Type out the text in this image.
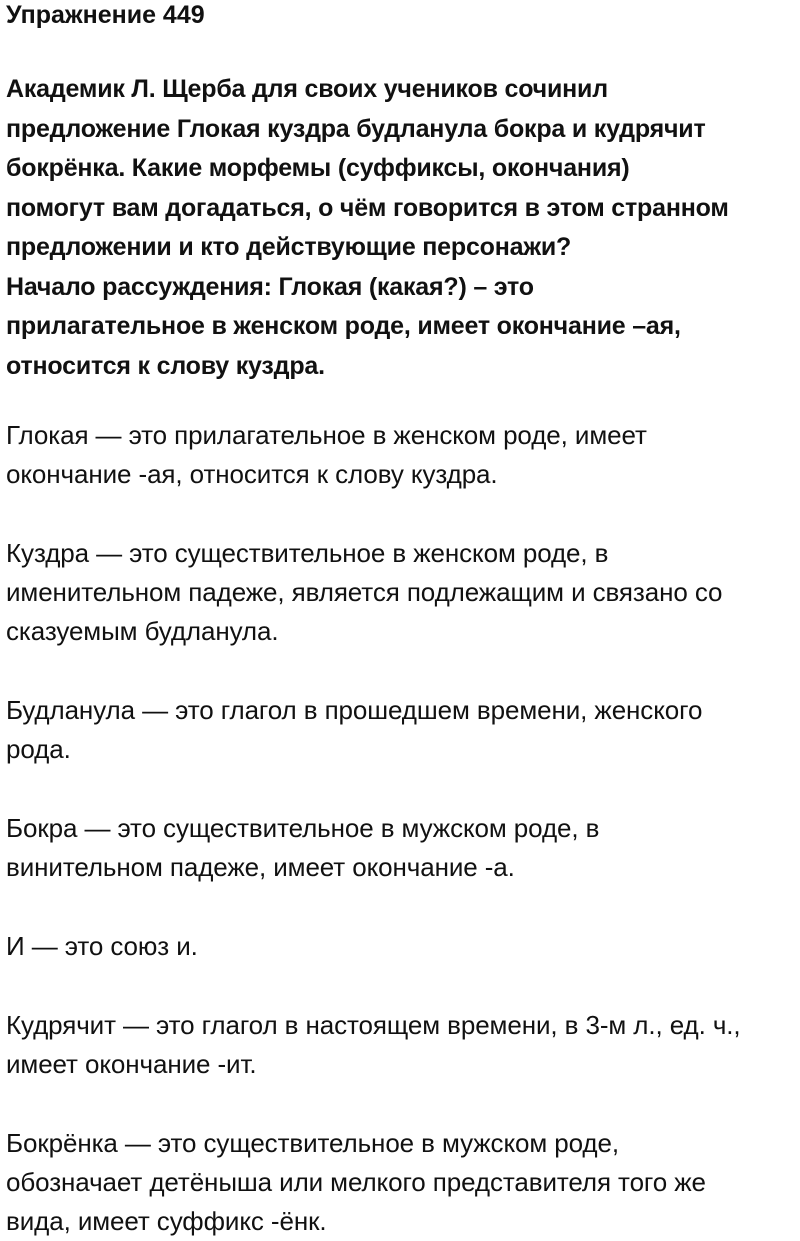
Упражнение 449

Академик Л. Щерба для своих учеников сочинил
предложение Глокая куздра будланула бокра и кудрячит
бокрёнка. Какие морфемы (суффиксы, окончания)
помогут вам догадаться, о чём говорится в этом странном
предложении и кто действующие персонажи?
Начало рассуждения: Глокая (какая?) – это
прилагательное в женском роде, имеет окончание –ая,
относится к слову куздра.

Глокая — это прилагательное в женском роде, имеет
окончание -ая, относится к слову куздра.

Куздра — это существительное в женском роде, в
именительном падеже, является подлежащим и связано со
сказуемым будланула.

Будланула — это глагол в прошедшем времени, женского
рода.

Бокра — это существительное в мужском роде, в
винительном падеже, имеет окончание -а.

И — это союз и.

Кудрячит — это глагол в настоящем времени, в 3-м л., ед. ч.,
имеет окончание -ит.

Бокрёнка — это существительное в мужском роде,
обозначает детёныша или мелкого представителя того же
вида, имеет суффикс -ёнк.
